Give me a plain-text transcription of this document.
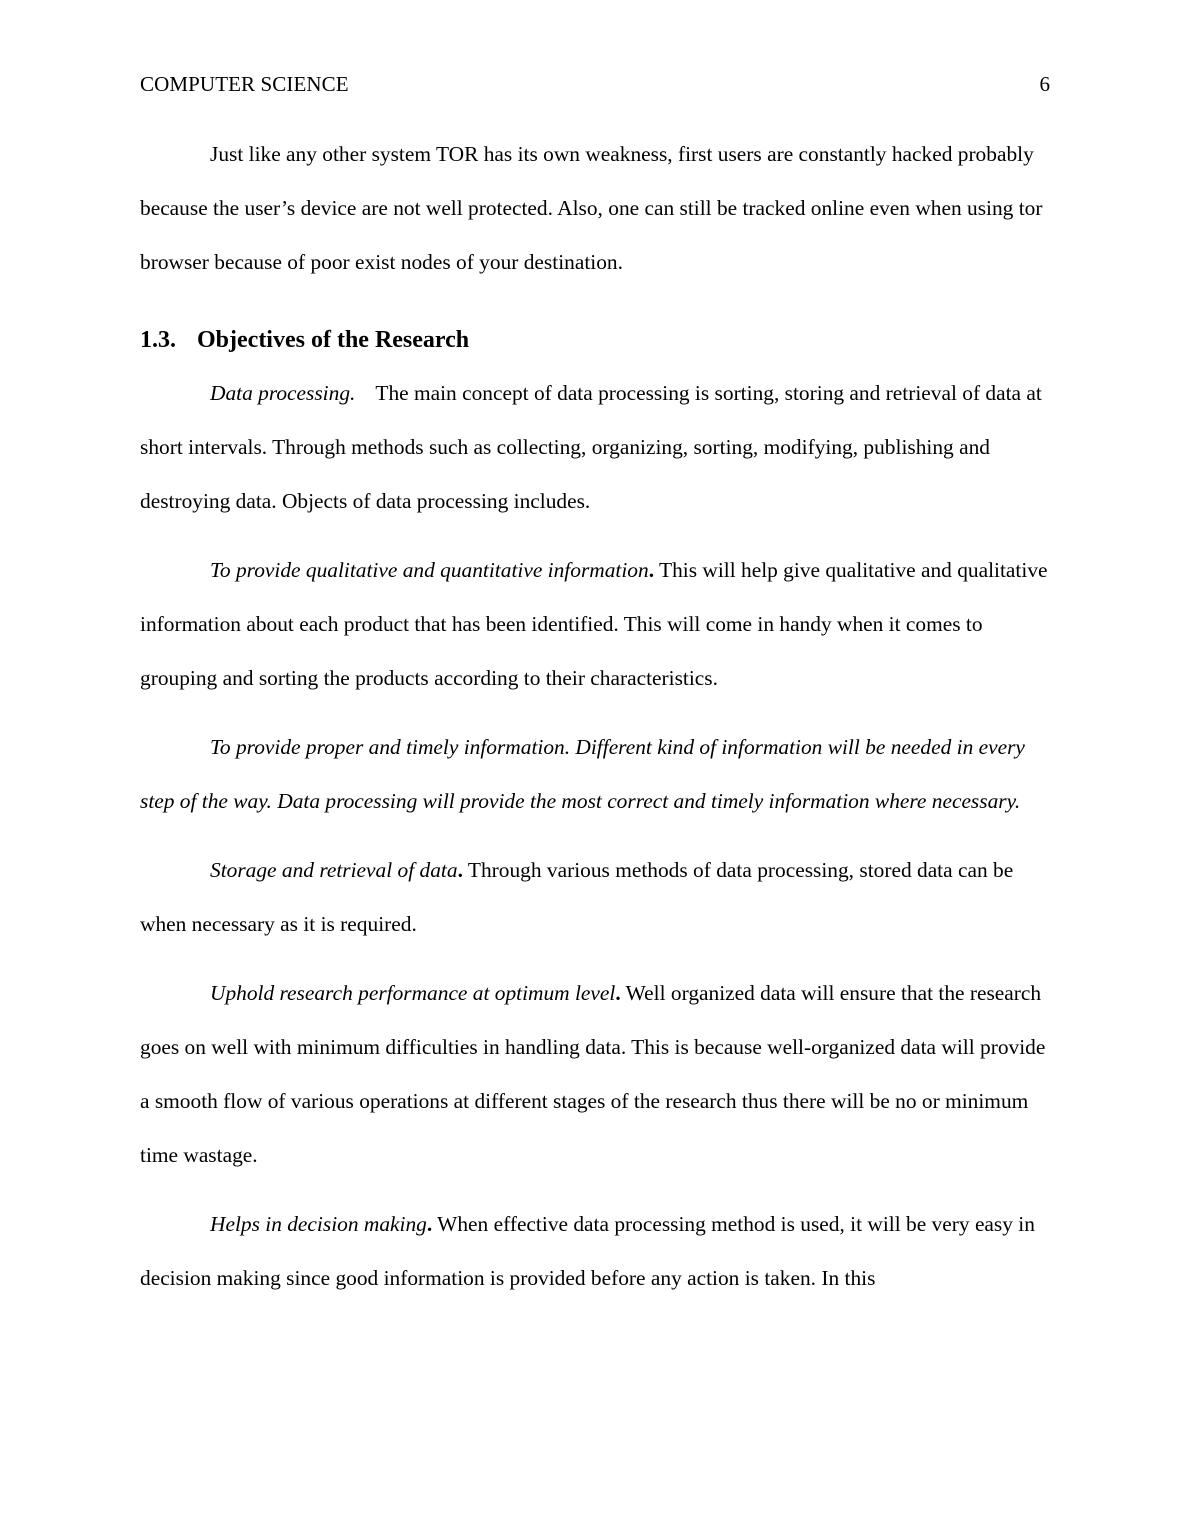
COMPUTER SCIENCE	6

Just like any other system TOR has its own weakness, first users are constantly hacked probably because the user’s device are not well protected. Also, one can still be tracked online even when using tor browser because of poor exist nodes of your destination.

1.3. Objectives of the Research

Data processing. The main concept of data processing is sorting, storing and retrieval of data at short intervals. Through methods such as collecting, organizing, sorting, modifying, publishing and destroying data. Objects of data processing includes.

To provide qualitative and quantitative information. This will help give qualitative and qualitative information about each product that has been identified. This will come in handy when it comes to grouping and sorting the products according to their characteristics.

To provide proper and timely information. Different kind of information will be needed in every step of the way. Data processing will provide the most correct and timely information where necessary.

Storage and retrieval of data. Through various methods of data processing, stored data can be when necessary as it is required.

Uphold research performance at optimum level. Well organized data will ensure that the research goes on well with minimum difficulties in handling data. This is because well-organized data will provide a smooth flow of various operations at different stages of the research thus there will be no or minimum time wastage.

Helps in decision making. When effective data processing method is used, it will be very easy in decision making since good information is provided before any action is taken. In this
